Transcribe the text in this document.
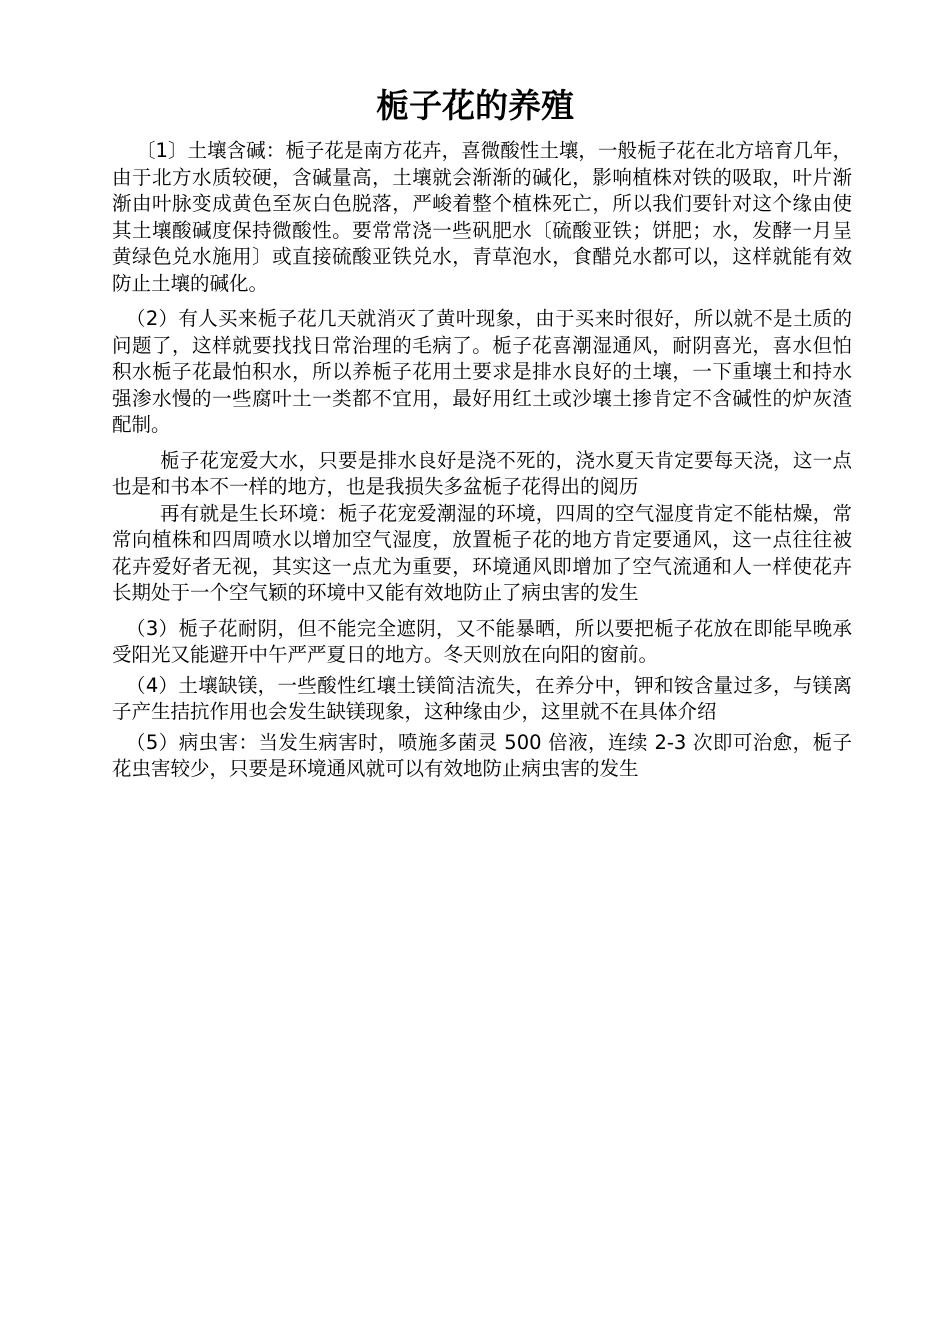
栀子花的养殖

〔1〕土壤含碱：栀子花是南方花卉，喜微酸性土壤，一般栀子花在北方培育几年，由于北方水质较硬，含碱量高，土壤就会渐渐的碱化，影响植株对铁的吸取，叶片渐渐由叶脉变成黄色至灰白色脱落，严峻着整个植株死亡，所以我们要针对这个缘由使其土壤酸碱度保持微酸性。要常常浇一些矾肥水〔硫酸亚铁；饼肥；水，发酵一月呈黄绿色兑水施用〕或直接硫酸亚铁兑水，青草泡水，食醋兑水都可以，这样就能有效防止土壤的碱化。

（2）有人买来栀子花几天就消灭了黄叶现象，由于买来时很好，所以就不是土质的问题了，这样就要找找日常治理的毛病了。栀子花喜潮湿通风，耐阴喜光，喜水但怕积水栀子花最怕积水，所以养栀子花用土要求是排水良好的土壤，一下重壤土和持水强渗水慢的一些腐叶土一类都不宜用，最好用红土或沙壤土掺肯定不含碱性的炉灰渣配制。

栀子花宠爱大水，只要是排水良好是浇不死的，浇水夏天肯定要每天浇，这一点也是和书本不一样的地方，也是我损失多盆栀子花得出的阅历

再有就是生长环境：栀子花宠爱潮湿的环境，四周的空气湿度肯定不能枯燥，常常向植株和四周喷水以增加空气湿度，放置栀子花的地方肯定要通风，这一点往往被花卉爱好者无视，其实这一点尤为重要，环境通风即增加了空气流通和人一样使花卉长期处于一个空气颖的环境中又能有效地防止了病虫害的发生

（3）栀子花耐阴，但不能完全遮阴，又不能暴晒，所以要把栀子花放在即能早晚承受阳光又能避开中午严严夏日的地方。冬天则放在向阳的窗前。

（4）土壤缺镁，一些酸性红壤土镁简洁流失，在养分中，钾和铵含量过多，与镁离子产生拮抗作用也会发生缺镁现象，这种缘由少，这里就不在具体介绍

（5）病虫害：当发生病害时，喷施多菌灵 500 倍液，连续 2-3 次即可治愈，栀子花虫害较少，只要是环境通风就可以有效地防止病虫害的发生
